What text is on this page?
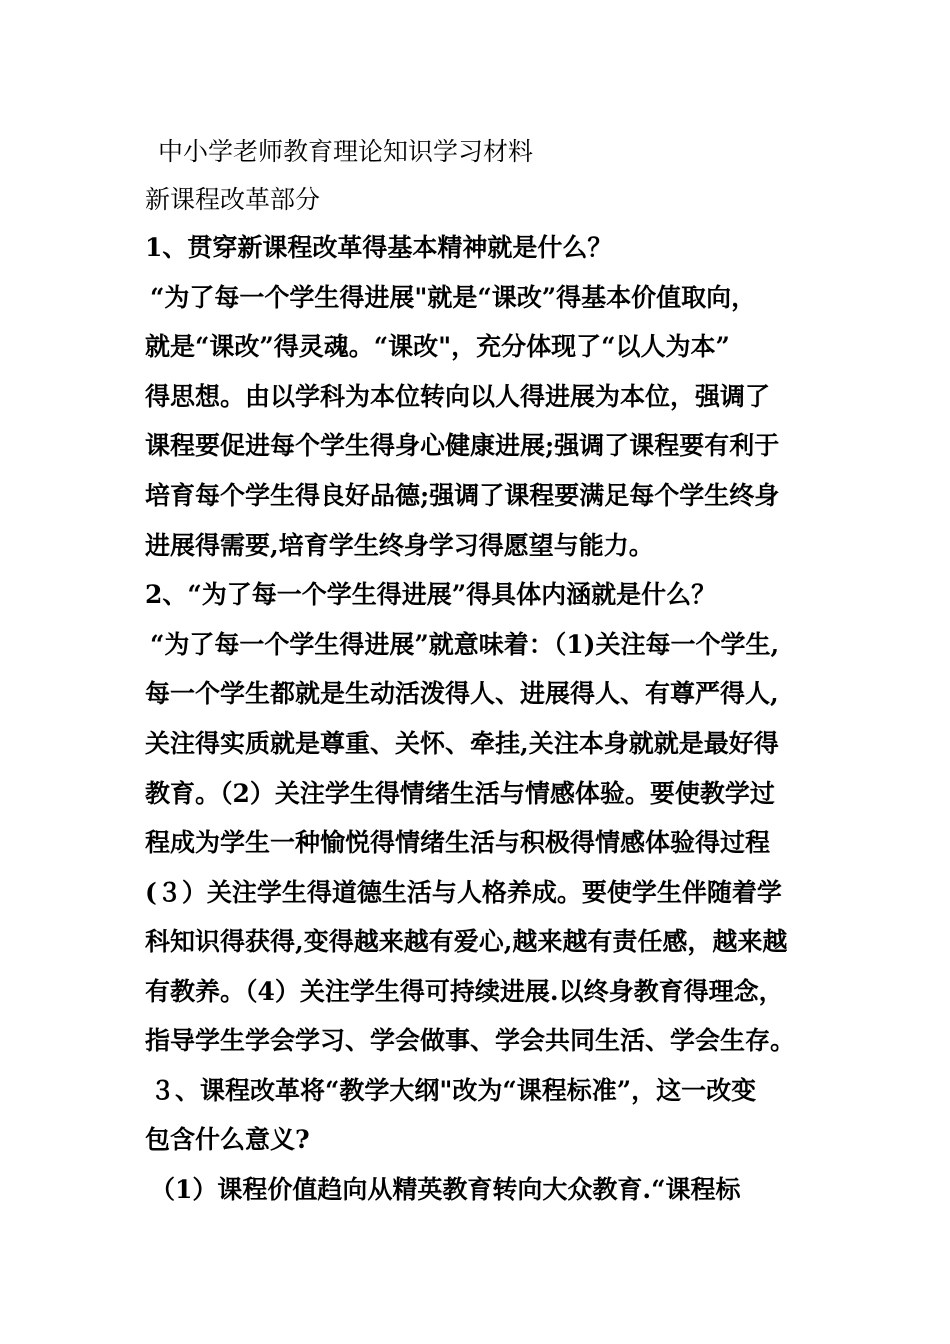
中小学老师教育理论知识学习材料
新课程改革部分
1、贯穿新课程改革得基本精神就是什么？
“为了每一个学生得进展"就是“课改”得基本价值取向，
就是“课改”得灵魂。“课改"，充分体现了“以人为本”
得思想。由以学科为本位转向以人得进展为本位，强调了
课程要促进每个学生得身心健康进展;强调了课程要有利于
培育每个学生得良好品德;强调了课程要满足每个学生终身
进展得需要,培育学生终身学习得愿望与能力。
2、“为了每一个学生得进展”得具体内涵就是什么？
“为了每一个学生得进展”就意味着：（1)关注每一个学生,
每一个学生都就是生动活泼得人、进展得人、有尊严得人,
关注得实质就是尊重、关怀、牵挂,关注本身就就是最好得
教育。（2）关注学生得情绪生活与情感体验。要使教学过
程成为学生一种愉悦得情绪生活与积极得情感体验得过程
(３）关注学生得道德生活与人格养成。要使学生伴随着学
科知识得获得,变得越来越有爱心,越来越有责任感，越来越
有教养。（4）关注学生得可持续进展.以终身教育得理念，
指导学生学会学习、学会做事、学会共同生活、学会生存。
３、课程改革将“教学大纲"改为“课程标准”，这一改变
包含什么意义?
（1）课程价值趋向从精英教育转向大众教育.“课程标
